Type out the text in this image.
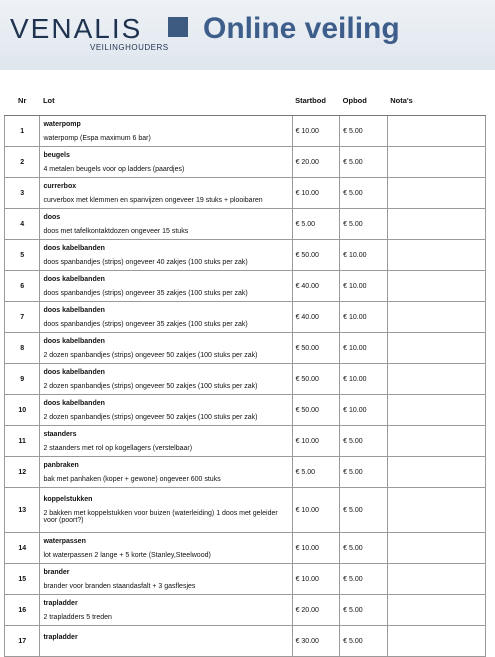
VENALIS
VEILINGHOUDERS
Online veiling
Nr	Lot	Startbod	Opbod	Nota's
1	waterpomp
waterpomp (Espa maximum 6 bar)	€ 10.00	€ 5.00	
2	beugels
4 metalen beugels voor op ladders (paardjes)	€ 20.00	€ 5.00	
3	currerbox
curverbox met klemmen en spanvijzen ongeveer 19 stuks + plooibaren	€ 10.00	€ 5.00	
4	doos
doos met tafelkontaktdozen ongeveer 15 stuks	€ 5.00	€ 5.00	
5	doos kabelbanden
doos spanbandjes (strips) ongeveer 40 zakjes (100 stuks per zak)	€ 50.00	€ 10.00	
6	doos kabelbanden
doos spanbandjes (strips) ongeveer 35 zakjes (100 stuks per zak)	€ 40.00	€ 10.00	
7	doos kabelbanden
doos spanbandjes (strips) ongeveer 35 zakjes (100 stuks per zak)	€ 40.00	€ 10.00	
8	doos kabelbanden
2 dozen spanbandjes (strips) ongeveer 50 zakjes (100 stuks per zak)	€ 50.00	€ 10.00	
9	doos kabelbanden
2 dozen spanbandjes (strips) ongeveer 50 zakjes (100 stuks per zak)	€ 50.00	€ 10.00	
10	doos kabelbanden
2 dozen spanbandjes (strips) ongeveer 50 zakjes (100 stuks per zak)	€ 50.00	€ 10.00	
11	staanders
2 staanders met rol op kogellagers (verstelbaar)	€ 10.00	€ 5.00	
12	panbraken
bak met panhaken (koper + gewone) ongeveer 600 stuks	€ 5.00	€ 5.00	
13	koppelstukken
2 bakken met koppelstukken voor buizen (waterleiding) 1 doos met geleider voor (poort?)	€ 10.00	€ 5.00	
14	waterpassen
lot waterpassen 2 lange + 5 korte (Stanley,Steelwood)	€ 10.00	€ 5.00	
15	brander
brander voor branden staandasfalt + 3 gasflesjes	€ 10.00	€ 5.00	
16	trapladder
2 trapladders 5 treden	€ 20.00	€ 5.00	
17	trapladder	€ 30.00	€ 5.00	
